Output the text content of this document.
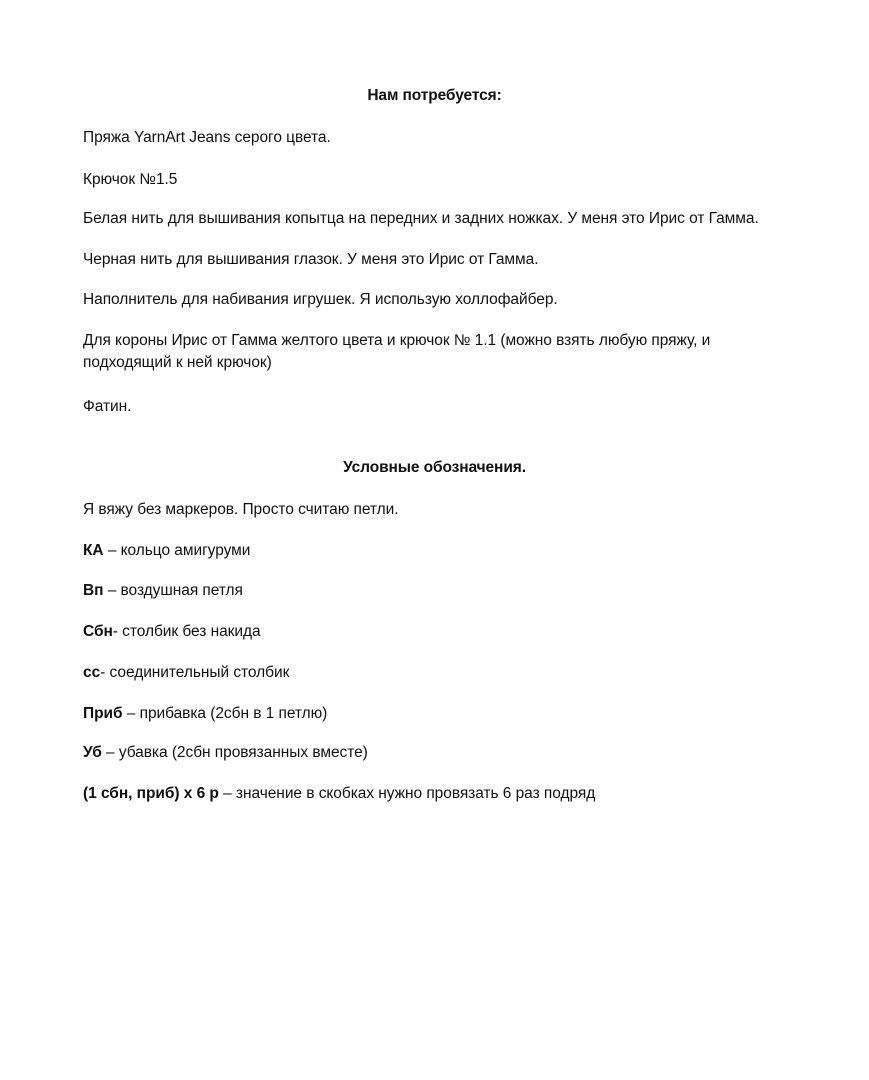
Нам потребуется:
Пряжа YarnArt Jeans серого цвета.
Крючок №1.5
Белая нить для вышивания копытца на передних и задних ножках. У меня это Ирис от Гамма.
Черная нить для вышивания глазок. У меня это Ирис от Гамма.
Наполнитель для набивания игрушек. Я использую холлофайбер.
Для короны Ирис от Гамма желтого цвета и крючок № 1.1 (можно взять любую пряжу, и подходящий к ней крючок)
Фатин.
Условные обозначения.
Я вяжу без маркеров. Просто считаю петли.
КА – кольцо амигуруми
Вп – воздушная петля
Сбн- столбик без накида
сс- соединительный столбик
Приб – прибавка (2сбн в 1 петлю)
Уб – убавка (2сбн провязанных вместе)
(1 сбн, приб) х 6 р – значение в скобках нужно провязать 6 раз подряд
